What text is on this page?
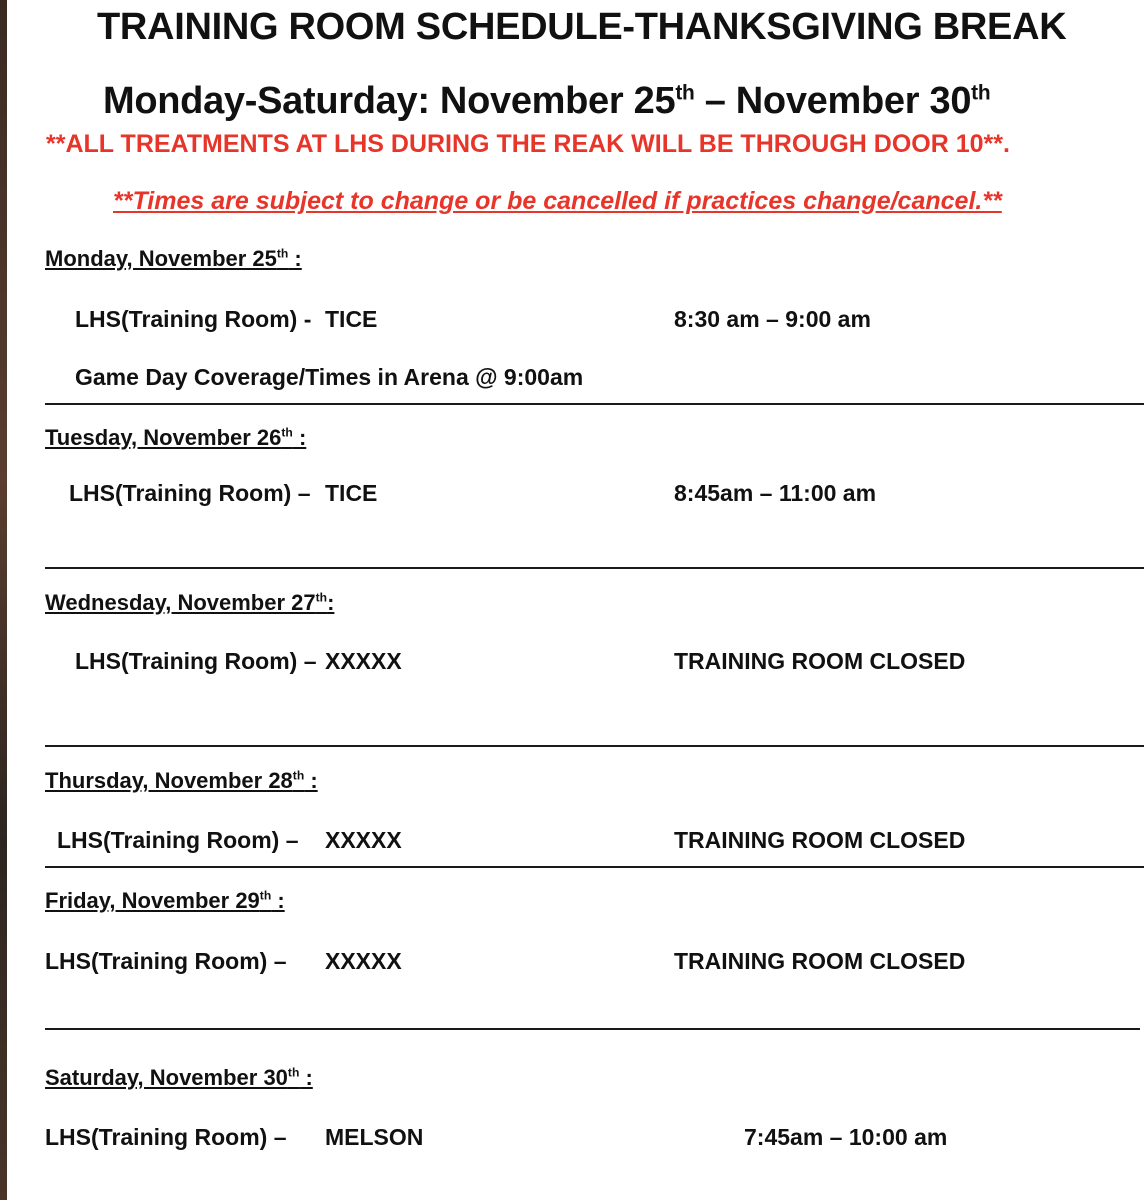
TRAINING ROOM SCHEDULE-THANKSGIVING BREAK
Monday-Saturday: November 25th – November 30th
**ALL TREATMENTS AT LHS DURING THE REAK WILL BE THROUGH DOOR 10**.
**Times are subject to change or be cancelled if practices change/cancel.**
Monday, November 25th :
LHS(Training Room) - TICE	8:30 am – 9:00 am
Game Day Coverage/Times in Arena @ 9:00am
Tuesday, November 26th :
LHS(Training Room) – TICE	8:45am – 11:00 am
Wednesday, November 27th:
LHS(Training Room) – XXXXX	TRAINING ROOM CLOSED
Thursday, November 28th :
LHS(Training Room) – XXXXX	TRAINING ROOM CLOSED
Friday, November 29th :
LHS(Training Room) – XXXXX	TRAINING ROOM CLOSED
Saturday, November 30th :
LHS(Training Room) – MELSON	7:45am – 10:00 am
